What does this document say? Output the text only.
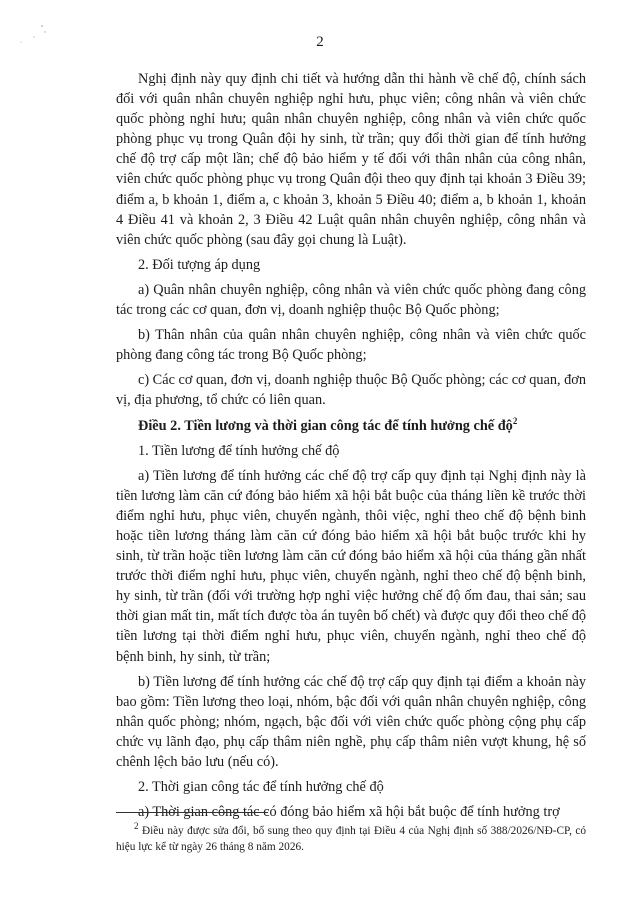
2

Nghị định này quy định chi tiết và hướng dẫn thi hành về chế độ, chính sách đối với quân nhân chuyên nghiệp nghỉ hưu, phục viên; công nhân và viên chức quốc phòng nghỉ hưu; quân nhân chuyên nghiệp, công nhân và viên chức quốc phòng phục vụ trong Quân đội hy sinh, từ trần; quy đổi thời gian để tính hưởng chế độ trợ cấp một lần; chế độ bảo hiểm y tế đối với thân nhân của công nhân, viên chức quốc phòng phục vụ trong Quân đội theo quy định tại khoản 3 Điều 39; điểm a, b khoản 1, điểm a, c khoản 3, khoản 5 Điều 40; điểm a, b khoản 1, khoản 4 Điều 41 và khoản 2, 3 Điều 42 Luật quân nhân chuyên nghiệp, công nhân và viên chức quốc phòng (sau đây gọi chung là Luật).

2. Đối tượng áp dụng

a) Quân nhân chuyên nghiệp, công nhân và viên chức quốc phòng đang công tác trong các cơ quan, đơn vị, doanh nghiệp thuộc Bộ Quốc phòng;

b) Thân nhân của quân nhân chuyên nghiệp, công nhân và viên chức quốc phòng đang công tác trong Bộ Quốc phòng;

c) Các cơ quan, đơn vị, doanh nghiệp thuộc Bộ Quốc phòng; các cơ quan, đơn vị, địa phương, tổ chức có liên quan.

Điều 2. Tiền lương và thời gian công tác để tính hưởng chế độ$^2$

1. Tiền lương để tính hưởng chế độ

a) Tiền lương để tính hưởng các chế độ trợ cấp quy định tại Nghị định này là tiền lương làm căn cứ đóng bảo hiểm xã hội bắt buộc của tháng liền kề trước thời điểm nghỉ hưu, phục viên, chuyển ngành, thôi việc, nghỉ theo chế độ bệnh binh hoặc tiền lương tháng làm căn cứ đóng bảo hiểm xã hội bắt buộc trước khi hy sinh, từ trần hoặc tiền lương làm căn cứ đóng bảo hiểm xã hội của tháng gần nhất trước thời điểm nghỉ hưu, phục viên, chuyển ngành, nghỉ theo chế độ bệnh binh, hy sinh, từ trần (đối với trường hợp nghỉ việc hưởng chế độ ốm đau, thai sản; sau thời gian mất tin, mất tích được tòa án tuyên bố chết) và được quy đổi theo chế độ tiền lương tại thời điểm nghỉ hưu, phục viên, chuyển ngành, nghỉ theo chế độ bệnh binh, hy sinh, từ trần;

b) Tiền lương để tính hưởng các chế độ trợ cấp quy định tại điểm a khoản này bao gồm: Tiền lương theo loại, nhóm, bậc đối với quân nhân chuyên nghiệp, công nhân quốc phòng; nhóm, ngạch, bậc đối với viên chức quốc phòng cộng phụ cấp chức vụ lãnh đạo, phụ cấp thâm niên nghề, phụ cấp thâm niên vượt khung, hệ số chênh lệch bảo lưu (nếu có).

2. Thời gian công tác để tính hưởng chế độ

a) Thời gian công tác có đóng bảo hiểm xã hội bắt buộc để tính hưởng trợ

$^2$ Điều này được sửa đổi, bổ sung theo quy định tại Điều 4 của Nghị định số 388/2026/NĐ-CP, có hiệu lực kể từ ngày 26 tháng 8 năm 2026.
